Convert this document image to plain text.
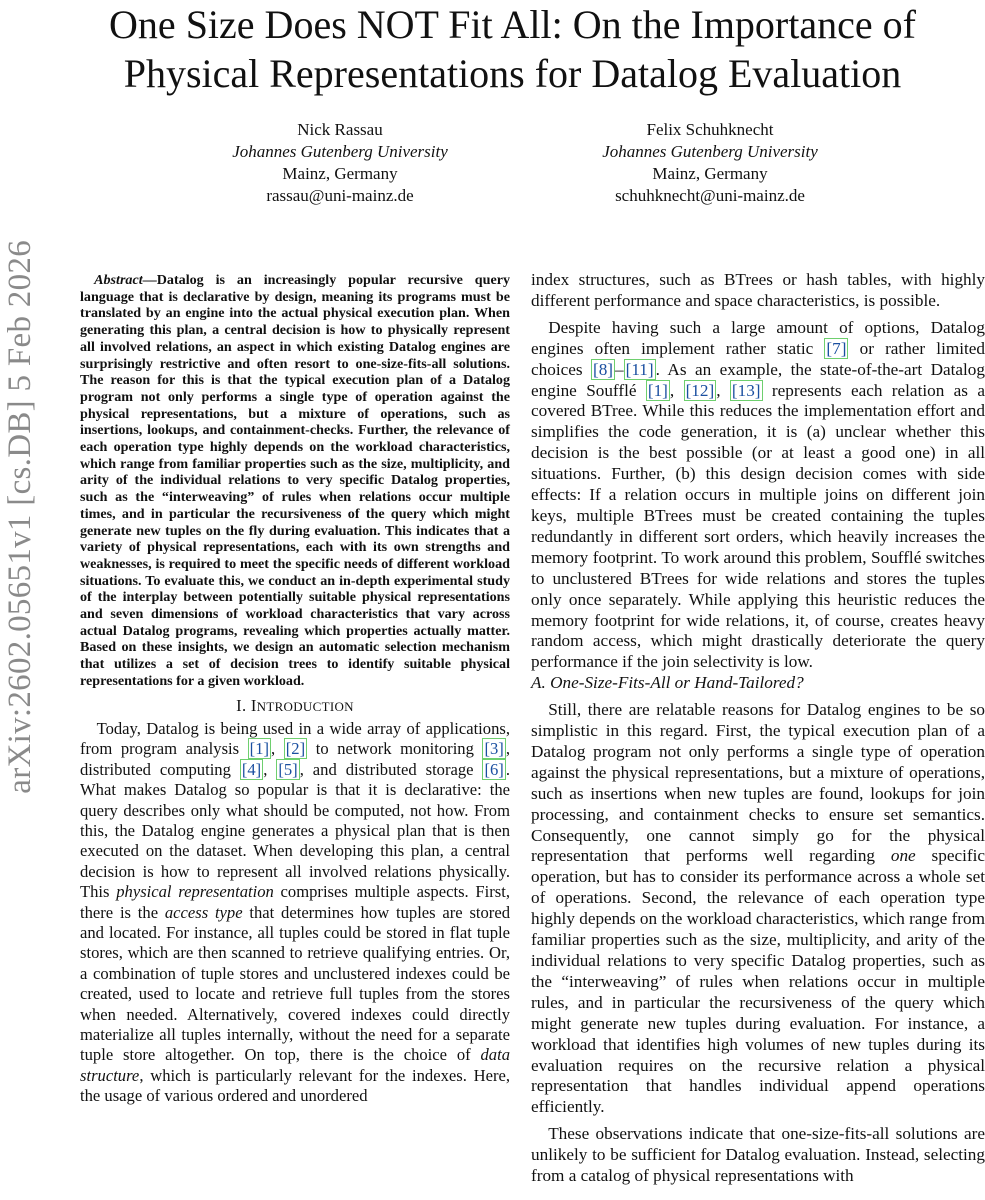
One Size Does NOT Fit All: On the Importance of Physical Representations for Datalog Evaluation
Nick Rassau
Johannes Gutenberg University
Mainz, Germany
rassau@uni-mainz.de
Felix Schuhknecht
Johannes Gutenberg University
Mainz, Germany
schuhknecht@uni-mainz.de
arXiv:2602.05651v1 [cs.DB] 5 Feb 2026	Abstract—Datalog is an increasingly popular recursive query language that is declarative by design, meaning its programs must be translated by an engine into the actual physical execution plan. When generating this plan, a central decision is how to physically represent all involved relations, an aspect in which existing Datalog engines are surprisingly restrictive and often resort to one-size-fits-all solutions. The reason for this is that the typical execution plan of a Datalog program not only performs a single type of operation against the physical representations, but a mixture of operations, such as insertions, lookups, and containment-checks. Further, the relevance of each operation type highly depends on the workload characteristics, which range from familiar properties such as the size, multiplicity, and arity of the individual relations to very specific Datalog properties, such as the “interweaving” of rules when relations occur multiple times, and in particular the recursiveness of the query which might generate new tuples on the fly during evaluation. This indicates that a variety of physical representations, each with its own strengths and weaknesses, is required to meet the specific needs of different workload situations. To evaluate this, we conduct an in-depth experimental study of the interplay between potentially suitable physical representations and seven dimensions of workload characteristics that vary across actual Datalog programs, revealing which properties actually matter. Based on these insights, we design an automatic selection mechanism that utilizes a set of decision trees to identify suitable physical representations for a given workload.

I. INTRODUCTION

Today, Datalog is being used in a wide array of applications, from program analysis [1] , [2] to network monitoring [3] , distributed computing [4] , [5] , and distributed storage [6] . What makes Datalog so popular is that it is declarative: the query describes only what should be computed, not how. From this, the Datalog engine generates a physical plan that is then executed on the dataset. When developing this plan, a central decision is how to represent all involved relations physically. This physical representation comprises multiple aspects. First, there is the access type that determines how tuples are stored and located. For instance, all tuples could be stored in flat tuple stores, which are then scanned to retrieve qualifying entries. Or, a combination of tuple stores and unclustered indexes could be created, used to locate and retrieve full tuples from the stores when needed. Alternatively, covered indexes could directly materialize all tuples internally, without the need for a separate tuple store altogether. On top, there is the choice of data structure, which is particularly relevant for the indexes. Here, the usage of various ordered and unordered

index structures, such as BTrees or hash tables, with highly different performance and space characteristics, is possible.

Despite having such a large amount of options, Datalog engines often implement rather static [7] or rather limited choices [8] – [11] . As an example, the state-of-the-art Datalog engine Soufflé [1] , [12] , [13] represents each relation as a covered BTree. While this reduces the implementation effort and simplifies the code generation, it is (a) unclear whether this decision is the best possible (or at least a good one) in all situations. Further, (b) this design decision comes with side effects: If a relation occurs in multiple joins on different join keys, multiple BTrees must be created containing the tuples redundantly in different sort orders, which heavily increases the memory footprint. To work around this problem, Soufflé switches to unclustered BTrees for wide relations and stores the tuples only once separately. While applying this heuristic reduces the memory footprint for wide relations, it, of course, creates heavy random access, which might drastically deteriorate the query performance if the join selectivity is low.

A. One-Size-Fits-All or Hand-Tailored?

Still, there are relatable reasons for Datalog engines to be so simplistic in this regard. First, the typical execution plan of a Datalog program not only performs a single type of operation against the physical representations, but a mixture of operations, such as insertions when new tuples are found, lookups for join processing, and containment checks to ensure set semantics. Consequently, one cannot simply go for the physical representation that performs well regarding one specific operation, but has to consider its performance across a whole set of operations. Second, the relevance of each operation type highly depends on the workload characteristics, which range from familiar properties such as the size, multiplicity, and arity of the individual relations to very specific Datalog properties, such as the “interweaving” of rules when relations occur in multiple rules, and in particular the recursiveness of the query which might generate new tuples during evaluation. For instance, a workload that identifies high volumes of new tuples during its evaluation requires on the recursive relation a physical representation that handles individual append operations efficiently.

These observations indicate that one-size-fits-all solutions are unlikely to be sufficient for Datalog evaluation. Instead, selecting from a catalog of physical representations with
